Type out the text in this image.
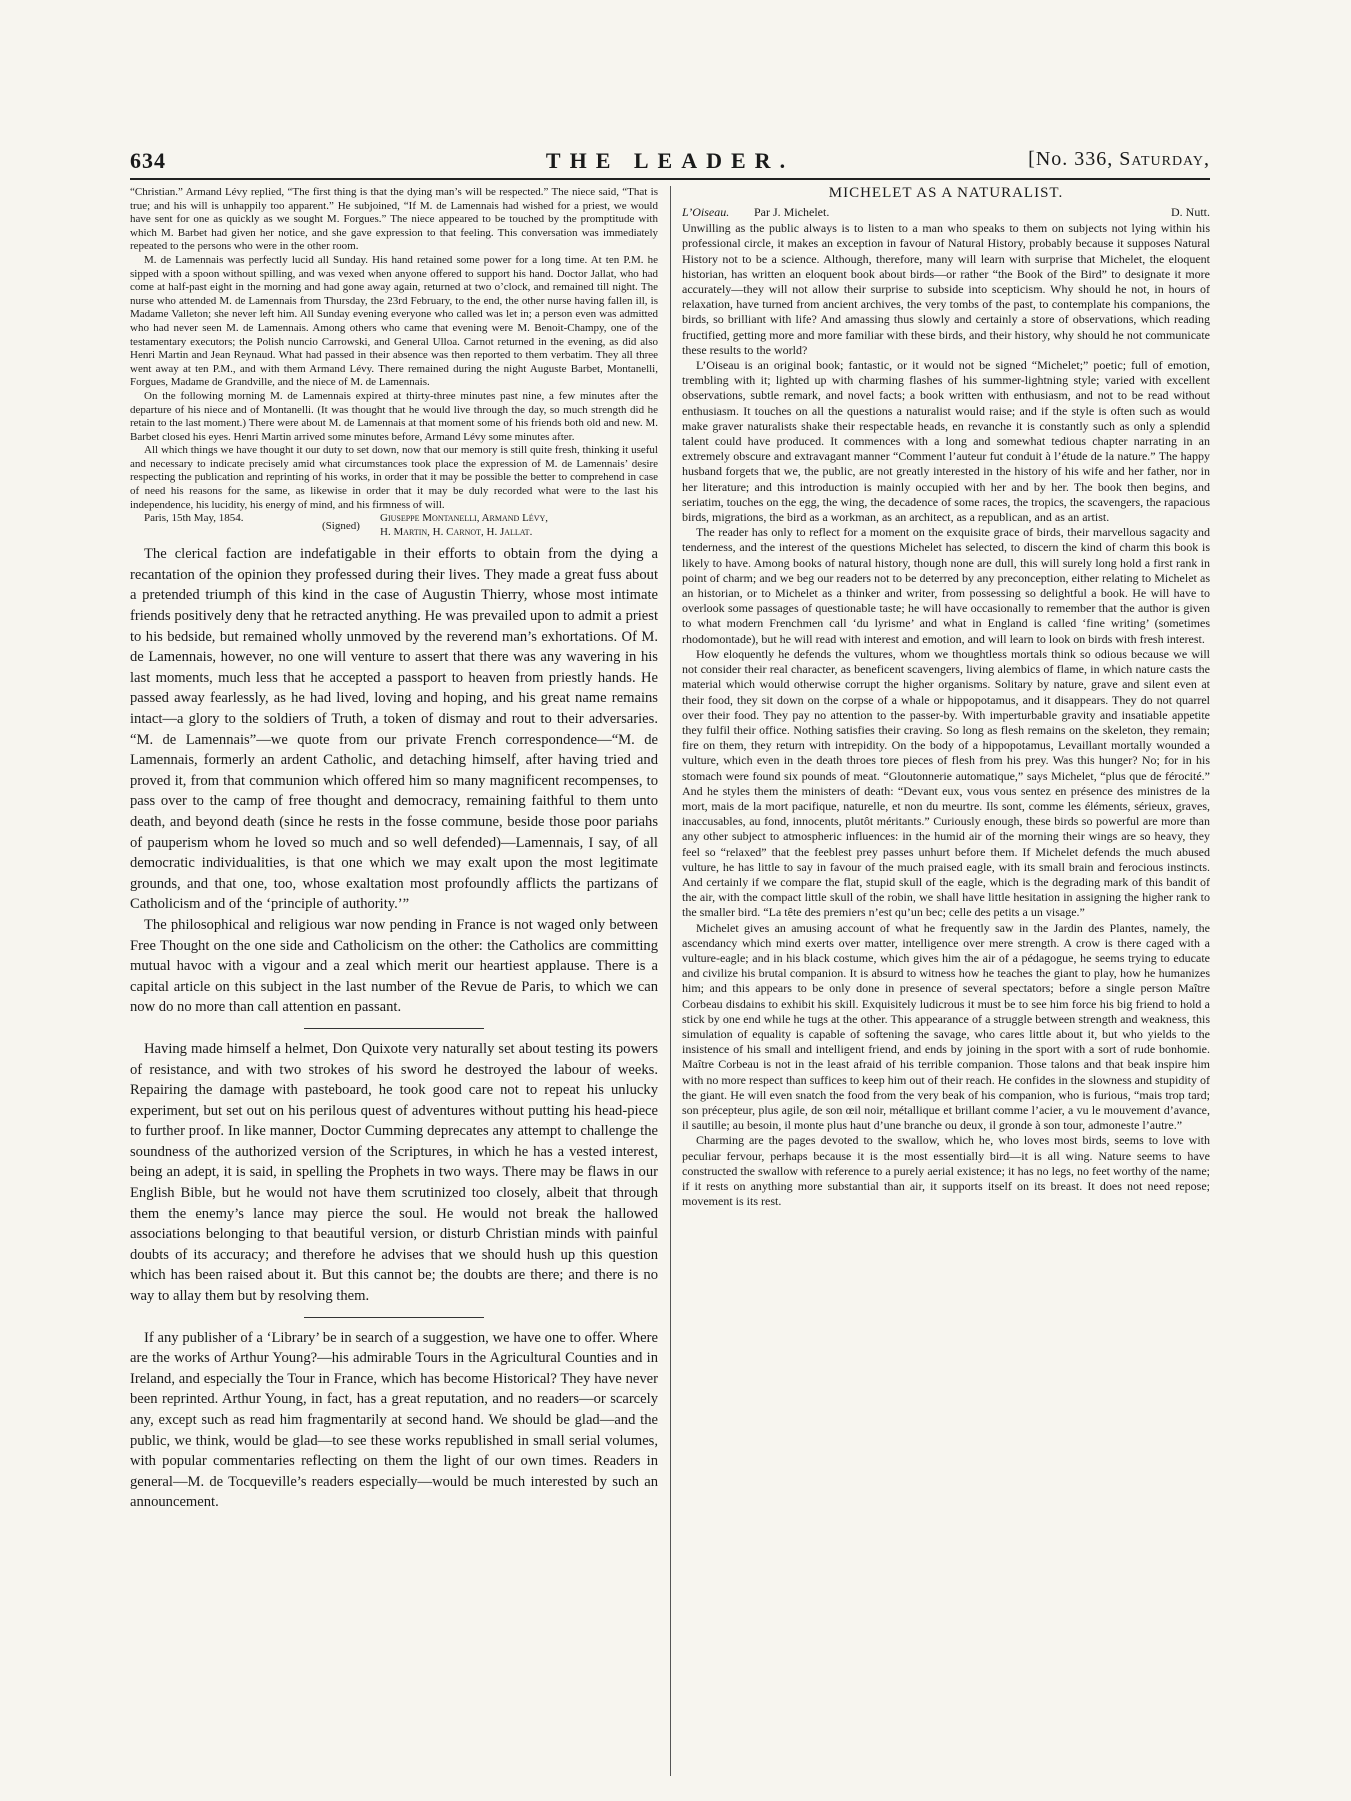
634	THE LEADER.	[No. 336, Saturday,

“Christian.” Armand Lévy replied, “The first thing is that the dying man’s will be respected.” The niece said, “That is true; and his will is unhappily too apparent.” He subjoined, “If M. de Lamennais had wished for a priest, we would have sent for one as quickly as we sought M. Forgues.” The niece appeared to be touched by the promptitude with which M. Barbet had given her notice, and she gave expression to that feeling. This conversation was immediately repeated to the persons who were in the other room.

M. de Lamennais was perfectly lucid all Sunday. His hand retained some power for a long time. At ten P.M. he sipped with a spoon without spilling, and was vexed when anyone offered to support his hand. Doctor Jallat, who had come at half-past eight in the morning and had gone away again, returned at two o’clock, and remained till night. The nurse who attended M. de Lamennais from Thursday, the 23rd February, to the end, the other nurse having fallen ill, is Madame Valleton; she never left him. All Sunday evening everyone who called was let in; a person even was admitted who had never seen M. de Lamennais. Among others who came that evening were M. Benoit-Champy, one of the testamentary executors; the Polish nuncio Carrowski, and General Ulloa. Carnot returned in the evening, as did also Henri Martin and Jean Reynaud. What had passed in their absence was then reported to them verbatim. They all three went away at ten P.M., and with them Armand Lévy. There remained during the night Auguste Barbet, Montanelli, Forgues, Madame de Grandville, and the niece of M. de Lamennais.

On the following morning M. de Lamennais expired at thirty-three minutes past nine, a few minutes after the departure of his niece and of Montanelli. (It was thought that he would live through the day, so much strength did he retain to the last moment.) There were about M. de Lamennais at that moment some of his friends both old and new. M. Barbet closed his eyes. Henri Martin arrived some minutes before, Armand Lévy some minutes after.

All which things we have thought it our duty to set down, now that our memory is still quite fresh, thinking it useful and necessary to indicate precisely amid what circumstances took place the expression of M. de Lamennais’ desire respecting the publication and reprinting of his works, in order that it may be possible the better to comprehend in case of need his reasons for the same, as likewise in order that it may be duly recorded what were to the last his independence, his lucidity, his energy of mind, and his firmness of will.

Paris, 15th May, 1854.
(Signed)
Giuseppe Montanelli, Armand Lévy,
H. Martin, H. Carnot, H. Jallat.

The clerical faction are indefatigable in their efforts to obtain from the dying a recantation of the opinion they professed during their lives. They made a great fuss about a pretended triumph of this kind in the case of Augustin Thierry, whose most intimate friends positively deny that he retracted anything. He was prevailed upon to admit a priest to his bedside, but remained wholly unmoved by the reverend man’s exhortations. Of M. de Lamennais, however, no one will venture to assert that there was any wavering in his last moments, much less that he accepted a passport to heaven from priestly hands. He passed away fearlessly, as he had lived, loving and hoping, and his great name remains intact—a glory to the soldiers of Truth, a token of dismay and rout to their adversaries. “M. de Lamennais”—we quote from our private French correspondence—“M. de Lamennais, formerly an ardent Catholic, and detaching himself, after having tried and proved it, from that communion which offered him so many magnificent recompenses, to pass over to the camp of free thought and democracy, remaining faithful to them unto death, and beyond death (since he rests in the fosse commune, beside those poor pariahs of pauperism whom he loved so much and so well defended)—Lamennais, I say, of all democratic individualities, is that one which we may exalt upon the most legitimate grounds, and that one, too, whose exaltation most profoundly afflicts the partizans of Catholicism and of the ‘principle of authority.’”

The philosophical and religious war now pending in France is not waged only between Free Thought on the one side and Catholicism on the other: the Catholics are committing mutual havoc with a vigour and a zeal which merit our heartiest applause. There is a capital article on this subject in the last number of the Revue de Paris, to which we can now do no more than call attention en passant.

Having made himself a helmet, Don Quixote very naturally set about testing its powers of resistance, and with two strokes of his sword he destroyed the labour of weeks. Repairing the damage with pasteboard, he took good care not to repeat his unlucky experiment, but set out on his perilous quest of adventures without putting his head-piece to further proof. In like manner, Doctor Cumming deprecates any attempt to challenge the soundness of the authorized version of the Scriptures, in which he has a vested interest, being an adept, it is said, in spelling the Prophets in two ways. There may be flaws in our English Bible, but he would not have them scrutinized too closely, albeit that through them the enemy’s lance may pierce the soul. He would not break the hallowed associations belonging to that beautiful version, or disturb Christian minds with painful doubts of its accuracy; and therefore he advises that we should hush up this question which has been raised about it. But this cannot be; the doubts are there; and there is no way to allay them but by resolving them.

If any publisher of a ‘Library’ be in search of a suggestion, we have one to offer. Where are the works of Arthur Young?—his admirable Tours in the Agricultural Counties and in Ireland, and especially the Tour in France, which has become Historical? They have never been reprinted. Arthur Young, in fact, has a great reputation, and no readers—or scarcely any, except such as read him fragmentarily at second hand. We should be glad—and the public, we think, would be glad—to see these works republished in small serial volumes, with popular commentaries reflecting on them the light of our own times. Readers in general—M. de Tocqueville’s readers especially—would be much interested by such an announcement.

MICHELET AS A NATURALIST.
L’Oiseau. Par J. Michelet.	D. Nutt.

Unwilling as the public always is to listen to a man who speaks to them on subjects not lying within his professional circle, it makes an exception in favour of Natural History, probably because it supposes Natural History not to be a science. Although, therefore, many will learn with surprise that Michelet, the eloquent historian, has written an eloquent book about birds—or rather “the Book of the Bird” to designate it more accurately—they will not allow their surprise to subside into scepticism. Why should he not, in hours of relaxation, have turned from ancient archives, the very tombs of the past, to contemplate his companions, the birds, so brilliant with life? And amassing thus slowly and certainly a store of observations, which reading fructified, getting more and more familiar with these birds, and their history, why should he not communicate these results to the world?

L’Oiseau is an original book; fantastic, or it would not be signed “Michelet;” poetic; full of emotion, trembling with it; lighted up with charming flashes of his summer-lightning style; varied with excellent observations, subtle remark, and novel facts; a book written with enthusiasm, and not to be read without enthusiasm. It touches on all the questions a naturalist would raise; and if the style is often such as would make graver naturalists shake their respectable heads, en revanche it is constantly such as only a splendid talent could have produced. It commences with a long and somewhat tedious chapter narrating in an extremely obscure and extravagant manner “Comment l’auteur fut conduit à l’étude de la nature.” The happy husband forgets that we, the public, are not greatly interested in the history of his wife and her father, nor in her literature; and this introduction is mainly occupied with her and by her. The book then begins, and seriatim, touches on the egg, the wing, the decadence of some races, the tropics, the scavengers, the rapacious birds, migrations, the bird as a workman, as an architect, as a republican, and as an artist.

The reader has only to reflect for a moment on the exquisite grace of birds, their marvellous sagacity and tenderness, and the interest of the questions Michelet has selected, to discern the kind of charm this book is likely to have. Among books of natural history, though none are dull, this will surely long hold a first rank in point of charm; and we beg our readers not to be deterred by any preconception, either relating to Michelet as an historian, or to Michelet as a thinker and writer, from possessing so delightful a book. He will have to overlook some passages of questionable taste; he will have occasionally to remember that the author is given to what modern Frenchmen call ‘du lyrisme’ and what in England is called ‘fine writing’ (sometimes rhodomontade), but he will read with interest and emotion, and will learn to look on birds with fresh interest.

How eloquently he defends the vultures, whom we thoughtless mortals think so odious because we will not consider their real character, as beneficent scavengers, living alembics of flame, in which nature casts the material which would otherwise corrupt the higher organisms. Solitary by nature, grave and silent even at their food, they sit down on the corpse of a whale or hippopotamus, and it disappears. They do not quarrel over their food. They pay no attention to the passer-by. With imperturbable gravity and insatiable appetite they fulfil their office. Nothing satisfies their craving. So long as flesh remains on the skeleton, they remain; fire on them, they return with intrepidity. On the body of a hippopotamus, Levaillant mortally wounded a vulture, which even in the death throes tore pieces of flesh from his prey. Was this hunger? No; for in his stomach were found six pounds of meat. “Gloutonnerie automatique,” says Michelet, “plus que de férocité.” And he styles them the ministers of death: “Devant eux, vous vous sentez en présence des ministres de la mort, mais de la mort pacifique, naturelle, et non du meurtre. Ils sont, comme les éléments, sérieux, graves, inaccusables, au fond, innocents, plutôt méritants.” Curiously enough, these birds so powerful are more than any other subject to atmospheric influences: in the humid air of the morning their wings are so heavy, they feel so “relaxed” that the feeblest prey passes unhurt before them. If Michelet defends the much abused vulture, he has little to say in favour of the much praised eagle, with its small brain and ferocious instincts. And certainly if we compare the flat, stupid skull of the eagle, which is the degrading mark of this bandit of the air, with the compact little skull of the robin, we shall have little hesitation in assigning the higher rank to the smaller bird. “La tête des premiers n’est qu’un bec; celle des petits a un visage.”

Michelet gives an amusing account of what he frequently saw in the Jardin des Plantes, namely, the ascendancy which mind exerts over matter, intelligence over mere strength. A crow is there caged with a vulture-eagle; and in his black costume, which gives him the air of a pédagogue, he seems trying to educate and civilize his brutal companion. It is absurd to witness how he teaches the giant to play, how he humanizes him; and this appears to be only done in presence of several spectators; before a single person Maître Corbeau disdains to exhibit his skill. Exquisitely ludicrous it must be to see him force his big friend to hold a stick by one end while he tugs at the other. This appearance of a struggle between strength and weakness, this simulation of equality is capable of softening the savage, who cares little about it, but who yields to the insistence of his small and intelligent friend, and ends by joining in the sport with a sort of rude bonhomie. Maître Corbeau is not in the least afraid of his terrible companion. Those talons and that beak inspire him with no more respect than suffices to keep him out of their reach. He confides in the slowness and stupidity of the giant. He will even snatch the food from the very beak of his companion, who is furious, “mais trop tard; son précepteur, plus agile, de son œil noir, métallique et brillant comme l’acier, a vu le mouvement d’avance, il sautille; au besoin, il monte plus haut d’une branche ou deux, il gronde à son tour, admoneste l’autre.”

Charming are the pages devoted to the swallow, which he, who loves most birds, seems to love with peculiar fervour, perhaps because it is the most essentially bird—it is all wing. Nature seems to have constructed the swallow with reference to a purely aerial existence; it has no legs, no feet worthy of the name; if it rests on anything more substantial than air, it supports itself on its breast. It does not need repose; movement is its rest.
